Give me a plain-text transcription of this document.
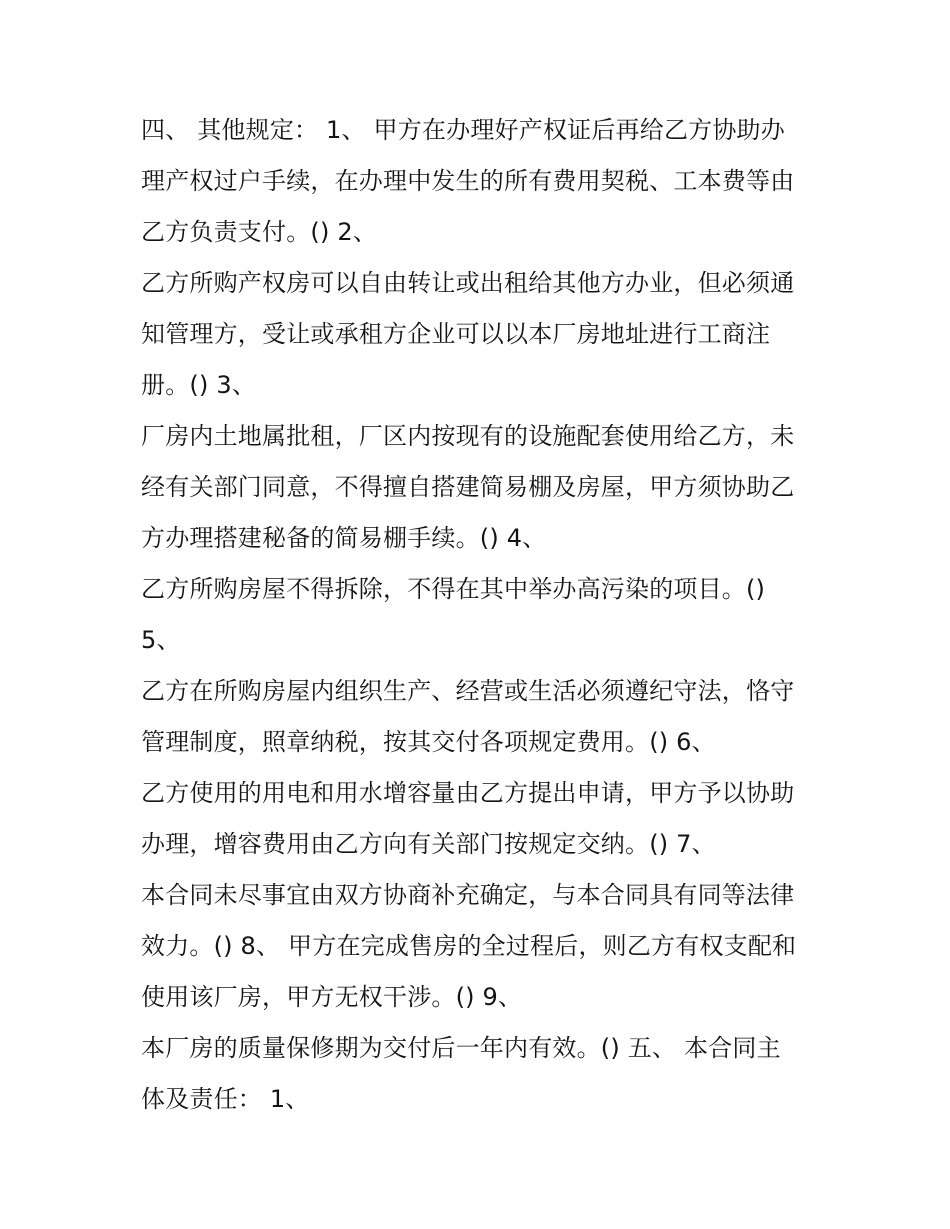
四、 其他规定： 1、 甲方在办理好产权证后再给乙方协助办
理产权过户手续，在办理中发生的所有费用契税、工本费等由
乙方负责支付。() 2、
乙方所购产权房可以自由转让或出租给其他方办业，但必须通
知管理方，受让或承租方企业可以以本厂房地址进行工商注
册。() 3、
厂房内土地属批租，厂区内按现有的设施配套使用给乙方，未
经有关部门同意，不得擅自搭建简易棚及房屋，甲方须协助乙
方办理搭建秘备的简易棚手续。() 4、
乙方所购房屋不得拆除，不得在其中举办高污染的项目。()
5、
乙方在所购房屋内组织生产、经营或生活必须遵纪守法，恪守
管理制度，照章纳税，按其交付各项规定费用。() 6、
乙方使用的用电和用水增容量由乙方提出申请，甲方予以协助
办理，增容费用由乙方向有关部门按规定交纳。() 7、
本合同未尽事宜由双方协商补充确定，与本合同具有同等法律
效力。() 8、 甲方在完成售房的全过程后，则乙方有权支配和
使用该厂房，甲方无权干涉。() 9、
本厂房的质量保修期为交付后一年内有效。() 五、 本合同主
体及责任： 1、
